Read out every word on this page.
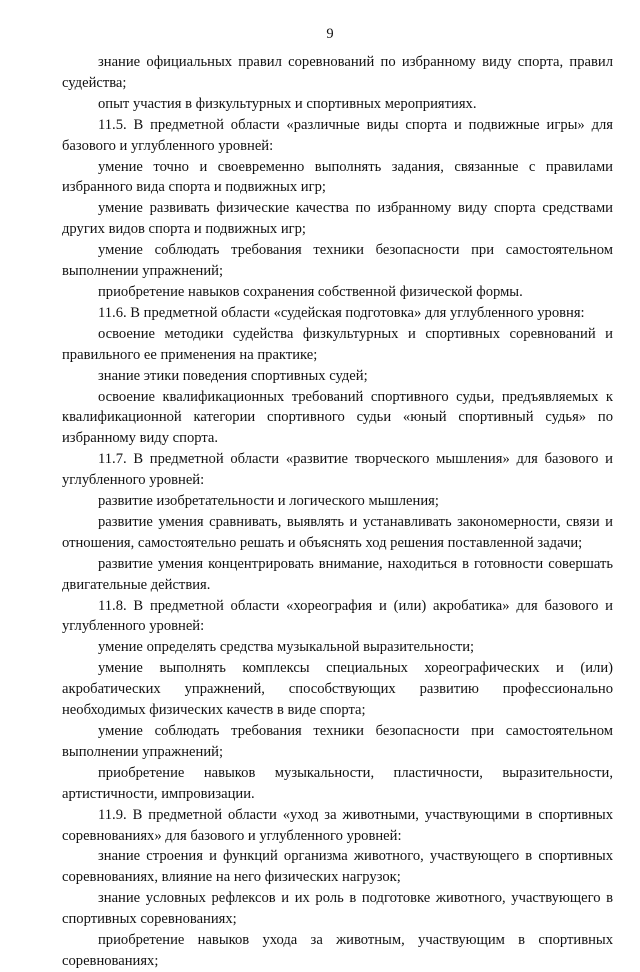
9

знание официальных правил соревнований по избранному виду спорта, правил судейства;

опыт участия в физкультурных и спортивных мероприятиях.

11.5. В предметной области «различные виды спорта и подвижные игры» для базового и углубленного уровней:

умение точно и своевременно выполнять задания, связанные с правилами избранного вида спорта и подвижных игр;

умение развивать физические качества по избранному виду спорта средствами других видов спорта и подвижных игр;

умение соблюдать требования техники безопасности при самостоятельном выполнении упражнений;

приобретение навыков сохранения собственной физической формы.

11.6. В предметной области «судейская подготовка» для углубленного уровня:

освоение методики судейства физкультурных и спортивных соревнований и правильного ее применения на практике;

знание этики поведения спортивных судей;

освоение квалификационных требований спортивного судьи, предъявляемых к квалификационной категории спортивного судьи «юный спортивный судья» по избранному виду спорта.

11.7. В предметной области «развитие творческого мышления» для базового и углубленного уровней:

развитие изобретательности и логического мышления;

развитие умения сравнивать, выявлять и устанавливать закономерности, связи и отношения, самостоятельно решать и объяснять ход решения поставленной задачи;

развитие умения концентрировать внимание, находиться в готовности совершать двигательные действия.

11.8. В предметной области «хореография и (или) акробатика» для базового и углубленного уровней:

умение определять средства музыкальной выразительности;

умение выполнять комплексы специальных хореографических и (или) акробатических упражнений, способствующих развитию профессионально необходимых физических качеств в виде спорта;

умение соблюдать требования техники безопасности при самостоятельном выполнении упражнений;

приобретение навыков музыкальности, пластичности, выразительности, артистичности, импровизации.

11.9. В предметной области «уход за животными, участвующими в спортивных соревнованиях» для базового и углубленного уровней:

знание строения и функций организма животного, участвующего в спортивных соревнованиях, влияние на него физических нагрузок;

знание условных рефлексов и их роль в подготовке животного, участвующего в спортивных соревнованиях;

приобретение навыков ухода за животным, участвующим в спортивных соревнованиях;
